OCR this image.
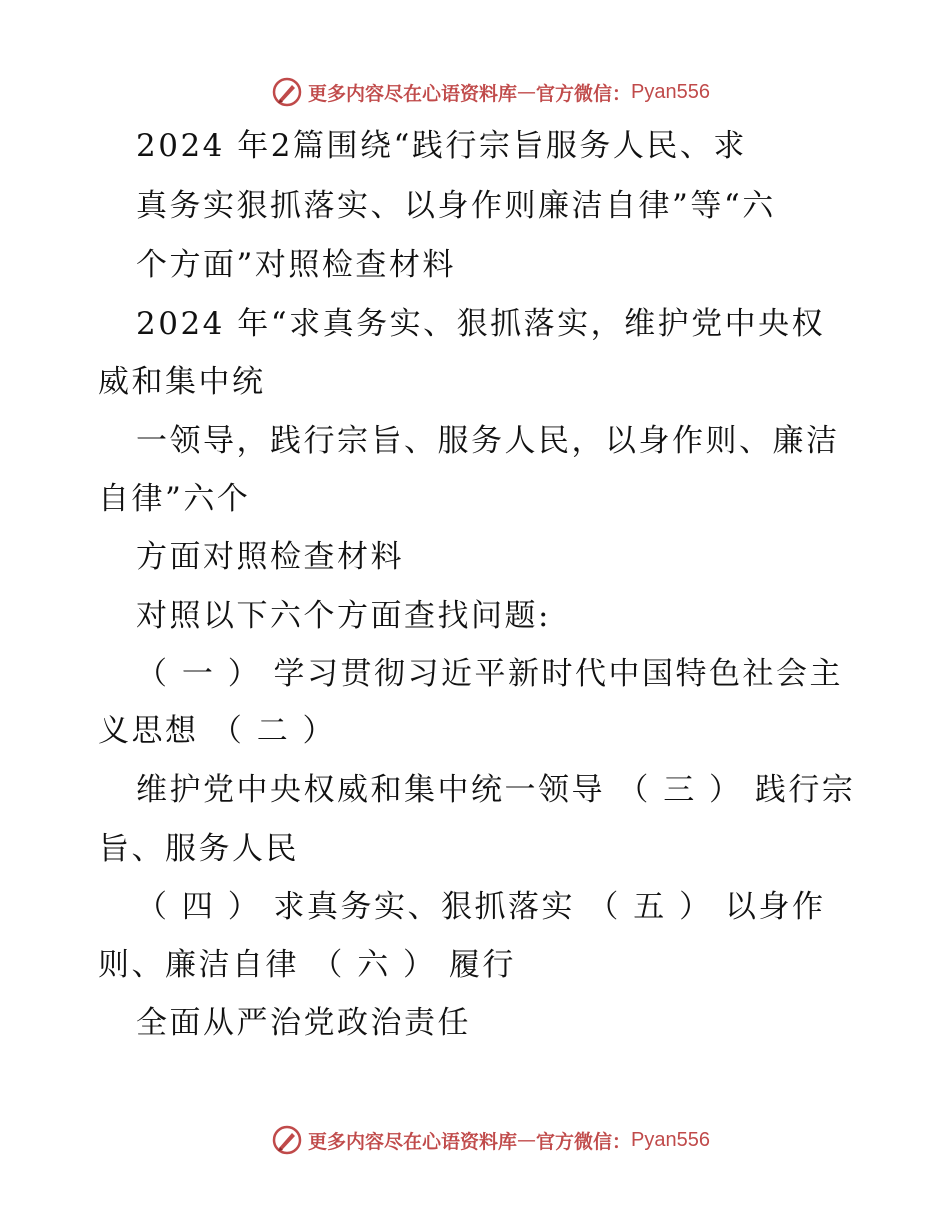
更多内容尽在心语资料库 — 官方微信： Pyan556
2024 年2篇围绕“践行宗旨服务人民、求
真务实狠抓落实、以身作则廉洁自律”等“六
个方面”对照检查材料
2024 年“求真务实、狠抓落实，维护党中央权
威和集中统
一领导，践行宗旨、服务人民，以身作则、廉洁
自律”六个
方面对照检查材料
对照以下六个方面查找问题:
（ 一 ） 学习贯彻习近平新时代中国特色社会主
义思想 （ 二 ）
维护党中央权威和集中统一领导 （ 三 ） 践行宗
旨、服务人民
（ 四 ） 求真务实、狠抓落实 （ 五 ） 以身作
则、廉洁自律 （ 六 ） 履行
全面从严治党政治责任
更多内容尽在心语资料库 — 官方微信： Pyan556
